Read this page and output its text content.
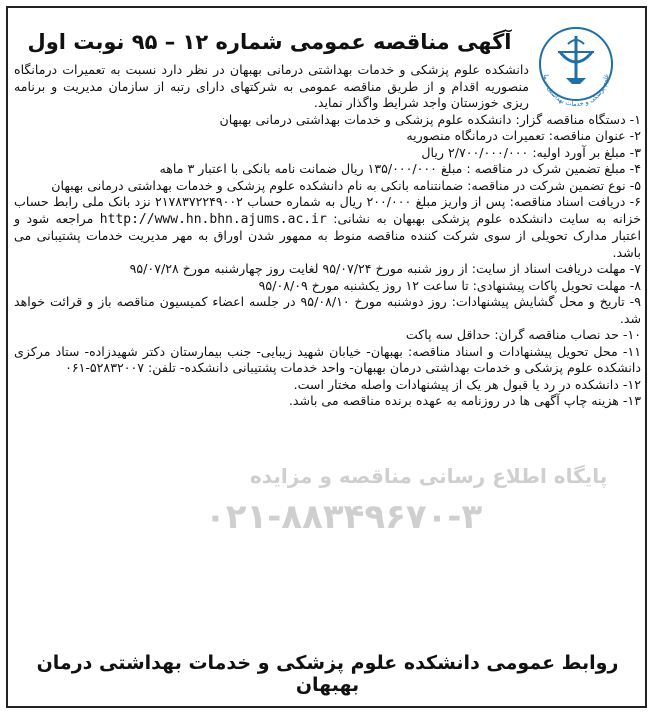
پایگاه اطلاع رسانی مناقصه و مزایده
۰۲۱-۸۸۳۴۹۶۷۰-۳
علوم پزشکی و خدمات بهداشتی درما
آگهی مناقصه عمومی شماره ۱۲ – ۹۵ نوبت اول

دانشکده علوم پزشکی و خدمات بهداشتی درمانی بهبهان در نظر دارد نسبت به تعمیرات درمانگاه منصوریه اقدام و از طریق مناقصه عمومی به شرکتهای دارای رتبه از سازمان مدیریت و برنامه ریزی خوزستان واجد شرایط واگذار نماید.

۱- دستگاه مناقصه گزار: دانشکده علوم پزشکی و خدمات بهداشتی درمانی بهبهان

۲- عنوان مناقصه: تعمیرات درمانگاه منصوریه

۳- مبلغ بر آورد اولیه: ۲/۷۰۰/۰۰۰/۰۰۰ ریال

۴- مبلغ تضمین شرک در مناقصه : مبلغ ۱۳۵/۰۰۰/۰۰۰ ریال ضمانت نامه بانکی با اعتبار ۳ ماهه

۵- نوع تضمین شرکت در مناقصه: ضمانتنامه بانکی به نام دانشکده علوم پزشکی و خدمات بهداشتی درمانی بهبهان

۶- دریافت اسناد مناقصه: پس از واریز مبلغ ۲۰۰/۰۰۰ ریال به شماره حساب ۲۱۷۸۳۷۲۲۴۹۰۰۲ نزد بانک ملی رابط حساب خزانه به سایت دانشکده علوم پزشکی بهبهان به نشانی: http://www.hn.bhn.ajums.ac.ir مراجعه شود و اعتبار مدارک تحویلی از سوی شرکت کننده مناقصه منوط به ممهور شدن اوراق به مهر مدیریت خدمات پشتیبانی می باشد.

۷- مهلت دریافت اسناد از سایت: از روز شنبه مورخ ۹۵/۰۷/۲۴ لغایت روز چهارشنبه مورخ ۹۵/۰۷/۲۸

۸- مهلت تحویل پاکات پیشنهادی: تا ساعت ۱۲ روز یکشنبه مورخ ۹۵/۰۸/۰۹

۹- تاریخ و محل گشایش پیشنهادات: روز دوشنبه مورخ ۹۵/۰۸/۱۰ در جلسه اعضاء کمیسیون مناقصه باز و قرائت خواهد شد.

۱۰- حد نصاب مناقصه گران: حداقل سه پاکت

۱۱- محل تحویل پیشنهادات و اسناد مناقصه: بهبهان- خیابان شهید زیبایی- جنب بیمارستان دکتر شهیدزاده- ستاد مرکزی دانشکده علوم پزشکی و خدمات بهداشتی درمان بهبهان- واحد خدمات پشتیبانی دانشکده- تلفن: ۵۲۸۳۲۰۰۷-۰۶۱

۱۲- دانشکده در رد یا قبول هر یک از پیشنهادات واصله مختار است.

۱۳- هزینه چاپ آگهی ها در روزنامه به عهده برنده مناقصه می باشد.

روابط عمومی دانشکده علوم پزشکی و خدمات بهداشتی درمان بهبهان
